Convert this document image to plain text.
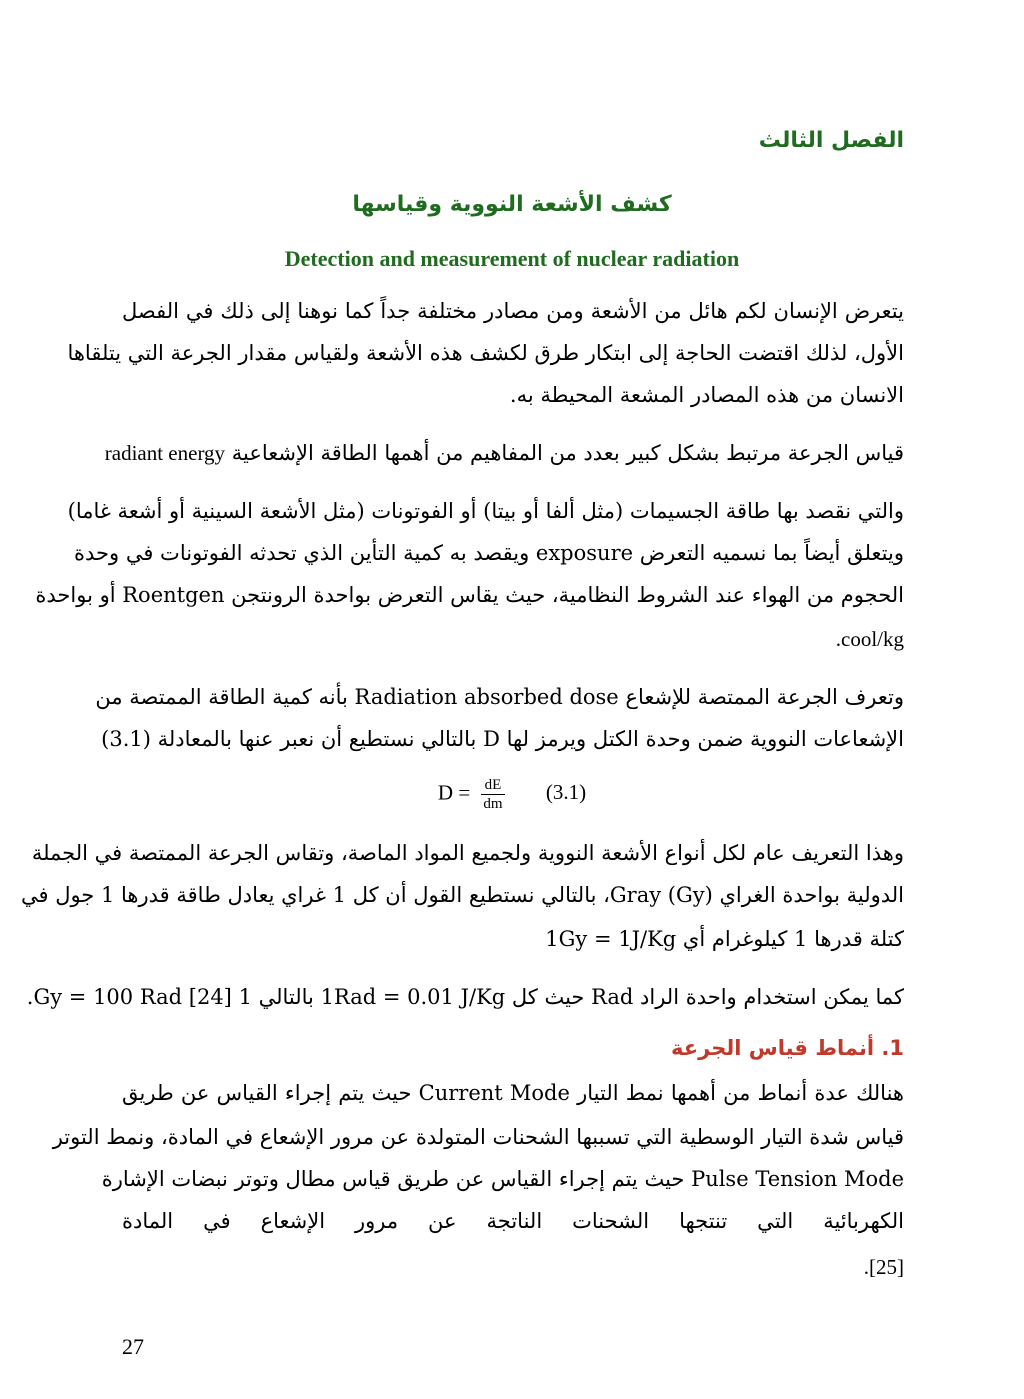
الفصل الثالث
كشف الأشعة النووية وقياسها
Detection and measurement of nuclear radiation
يتعرض الإنسان لكم هائل من الأشعة ومن مصادر مختلفة جداً كما نوهنا إلى ذلك في الفصل
الأول، لذلك اقتضت الحاجة إلى ابتكار طرق لكشف هذه الأشعة ولقياس مقدار الجرعة التي يتلقاها
الانسان من هذه المصادر المشعة المحيطة به.
قياس الجرعة مرتبط بشكل كبير بعدد من المفاهيم من أهمها الطاقة الإشعاعية radiant energy
والتي نقصد بها طاقة الجسيمات (مثل ألفا أو بيتا) أو الفوتونات (مثل الأشعة السينية أو أشعة غاما)
ويتعلق أيضاً بما نسميه التعرض exposure ويقصد به كمية التأين الذي تحدثه الفوتونات في وحدة
الحجوم من الهواء عند الشروط النظامية، حيث يقاس التعرض بواحدة الرونتجن Roentgen أو بواحدة
.cool/kg
وتعرف الجرعة الممتصة للإشعاع Radiation absorbed dose بأنه كمية الطاقة الممتصة من
الإشعاعات النووية ضمن وحدة الكتل ويرمز لها D بالتالي نستطيع أن نعبر عنها بالمعادلة (3.1)
$D = \frac{dE}{dm} (3.1)$
وهذا التعريف عام لكل أنواع الأشعة النووية ولجميع المواد الماصة، وتقاس الجرعة الممتصة في الجملة
الدولية بواحدة الغراي Gray (Gy)، بالتالي نستطيع القول أن كل 1 غراي يعادل طاقة قدرها 1 جول في
كتلة قدرها 1 كيلوغرام أي 1Gy = 1J/Kg
كما يمكن استخدام واحدة الراد Rad حيث كل 1Rad = 0.01 J/Kg بالتالي 1 Gy = 100 Rad [24].
1. أنماط قياس الجرعة
هنالك عدة أنماط من أهمها نمط التيار Current Mode حيث يتم إجراء القياس عن طريق
قياس شدة التيار الوسطية التي تسببها الشحنات المتولدة عن مرور الإشعاع في المادة، ونمط التوتر
Pulse Tension Mode حيث يتم إجراء القياس عن طريق قياس مطال وتوتر نبضات الإشارة
الكهربائية التي تنتجها الشحنات الناتجة عن مرور الإشعاع في المادة
.[25]
27
